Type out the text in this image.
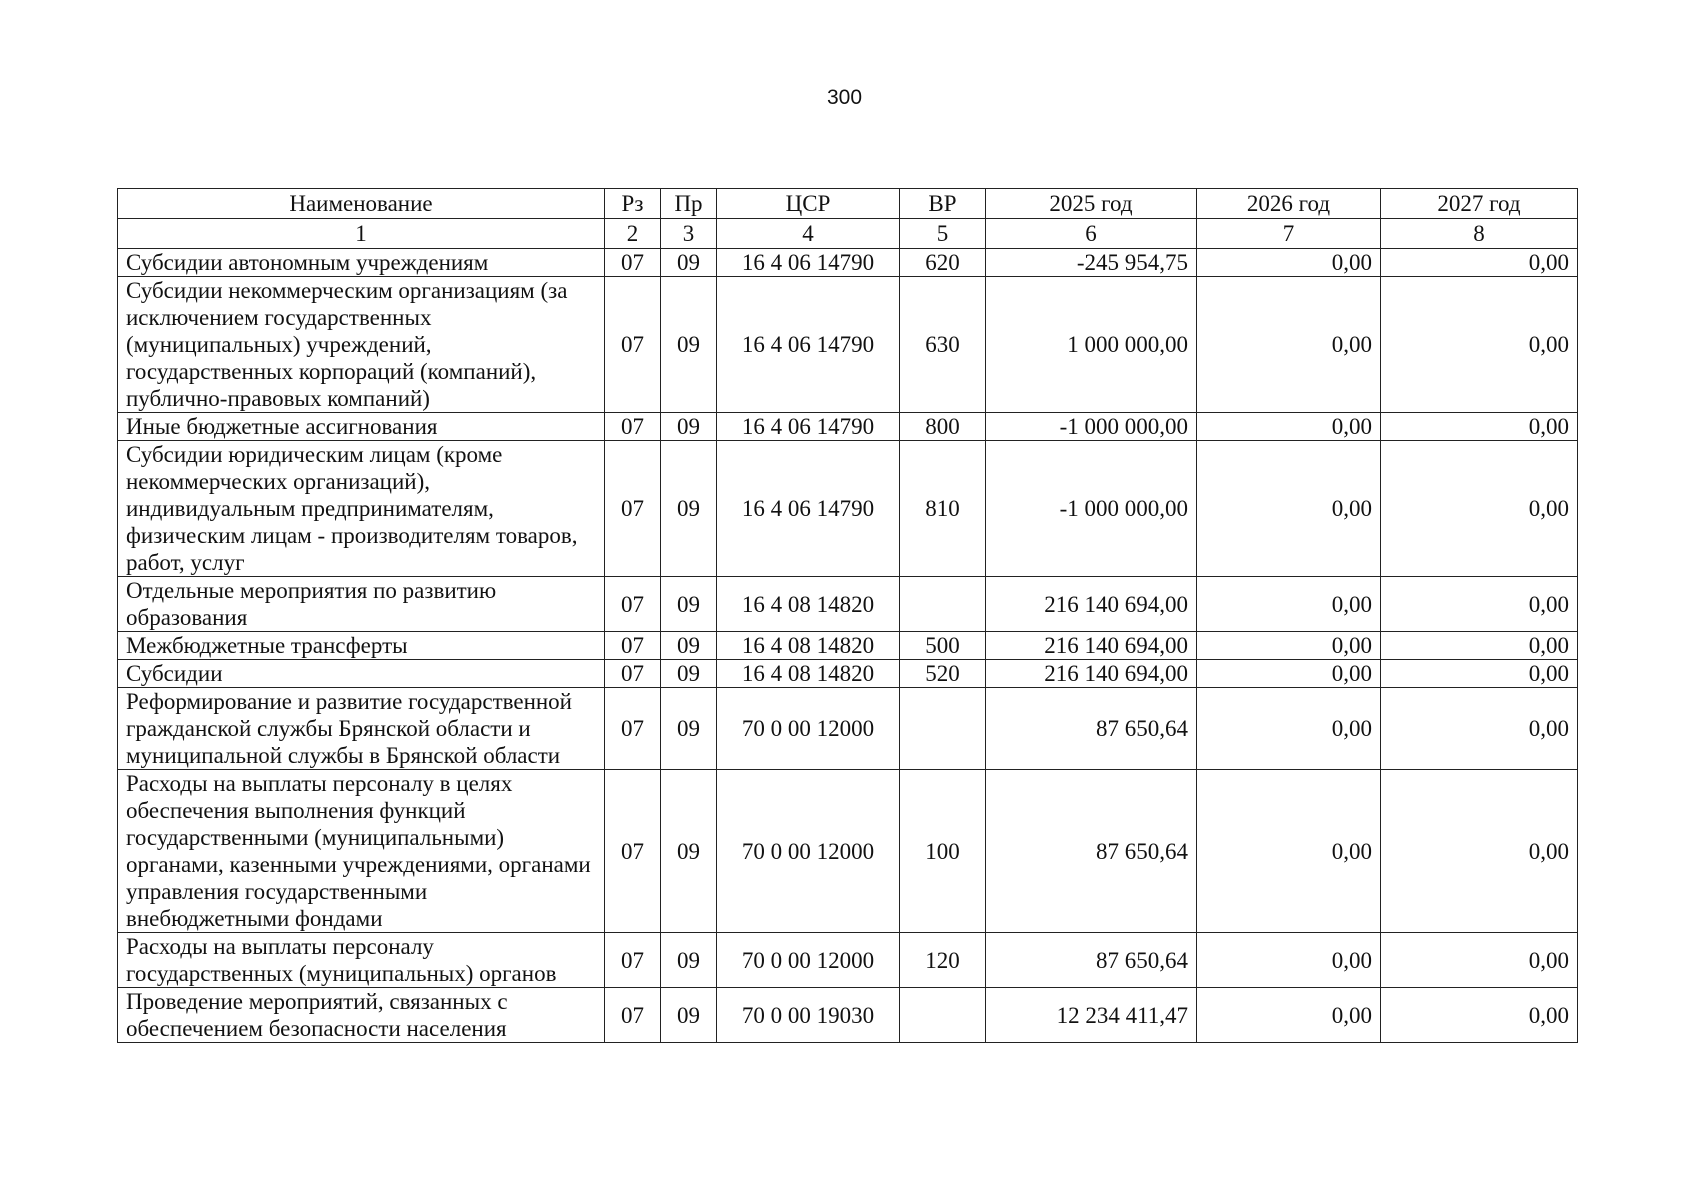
300
Наименование	Рз	Пр	ЦСР	ВР	2025 год	2026 год	2027 год
1	2	3	4	5	6	7	8
Субсидии автономным учреждениям	07	09	16 4 06 14790	620	-245 954,75	0,00	0,00
Субсидии некоммерческим организациям (за исключением государственных (муниципальных) учреждений, государственных корпораций (компаний), публично-правовых компаний)	07	09	16 4 06 14790	630	1 000 000,00	0,00	0,00
Иные бюджетные ассигнования	07	09	16 4 06 14790	800	-1 000 000,00	0,00	0,00
Субсидии юридическим лицам (кроме некоммерческих организаций), индивидуальным предпринимателям, физическим лицам - производителям товаров, работ, услуг	07	09	16 4 06 14790	810	-1 000 000,00	0,00	0,00
Отдельные мероприятия по развитию образования	07	09	16 4 08 14820		216 140 694,00	0,00	0,00
Межбюджетные трансферты	07	09	16 4 08 14820	500	216 140 694,00	0,00	0,00
Субсидии	07	09	16 4 08 14820	520	216 140 694,00	0,00	0,00
Реформирование и развитие государственной гражданской службы Брянской области и муниципальной службы в Брянской области	07	09	70 0 00 12000		87 650,64	0,00	0,00
Расходы на выплаты персоналу в целях обеспечения выполнения функций государственными (муниципальными) органами, казенными учреждениями, органами управления государственными внебюджетными фондами	07	09	70 0 00 12000	100	87 650,64	0,00	0,00
Расходы на выплаты персоналу государственных (муниципальных) органов	07	09	70 0 00 12000	120	87 650,64	0,00	0,00
Проведение мероприятий, связанных с обеспечением безопасности населения	07	09	70 0 00 19030		12 234 411,47	0,00	0,00
